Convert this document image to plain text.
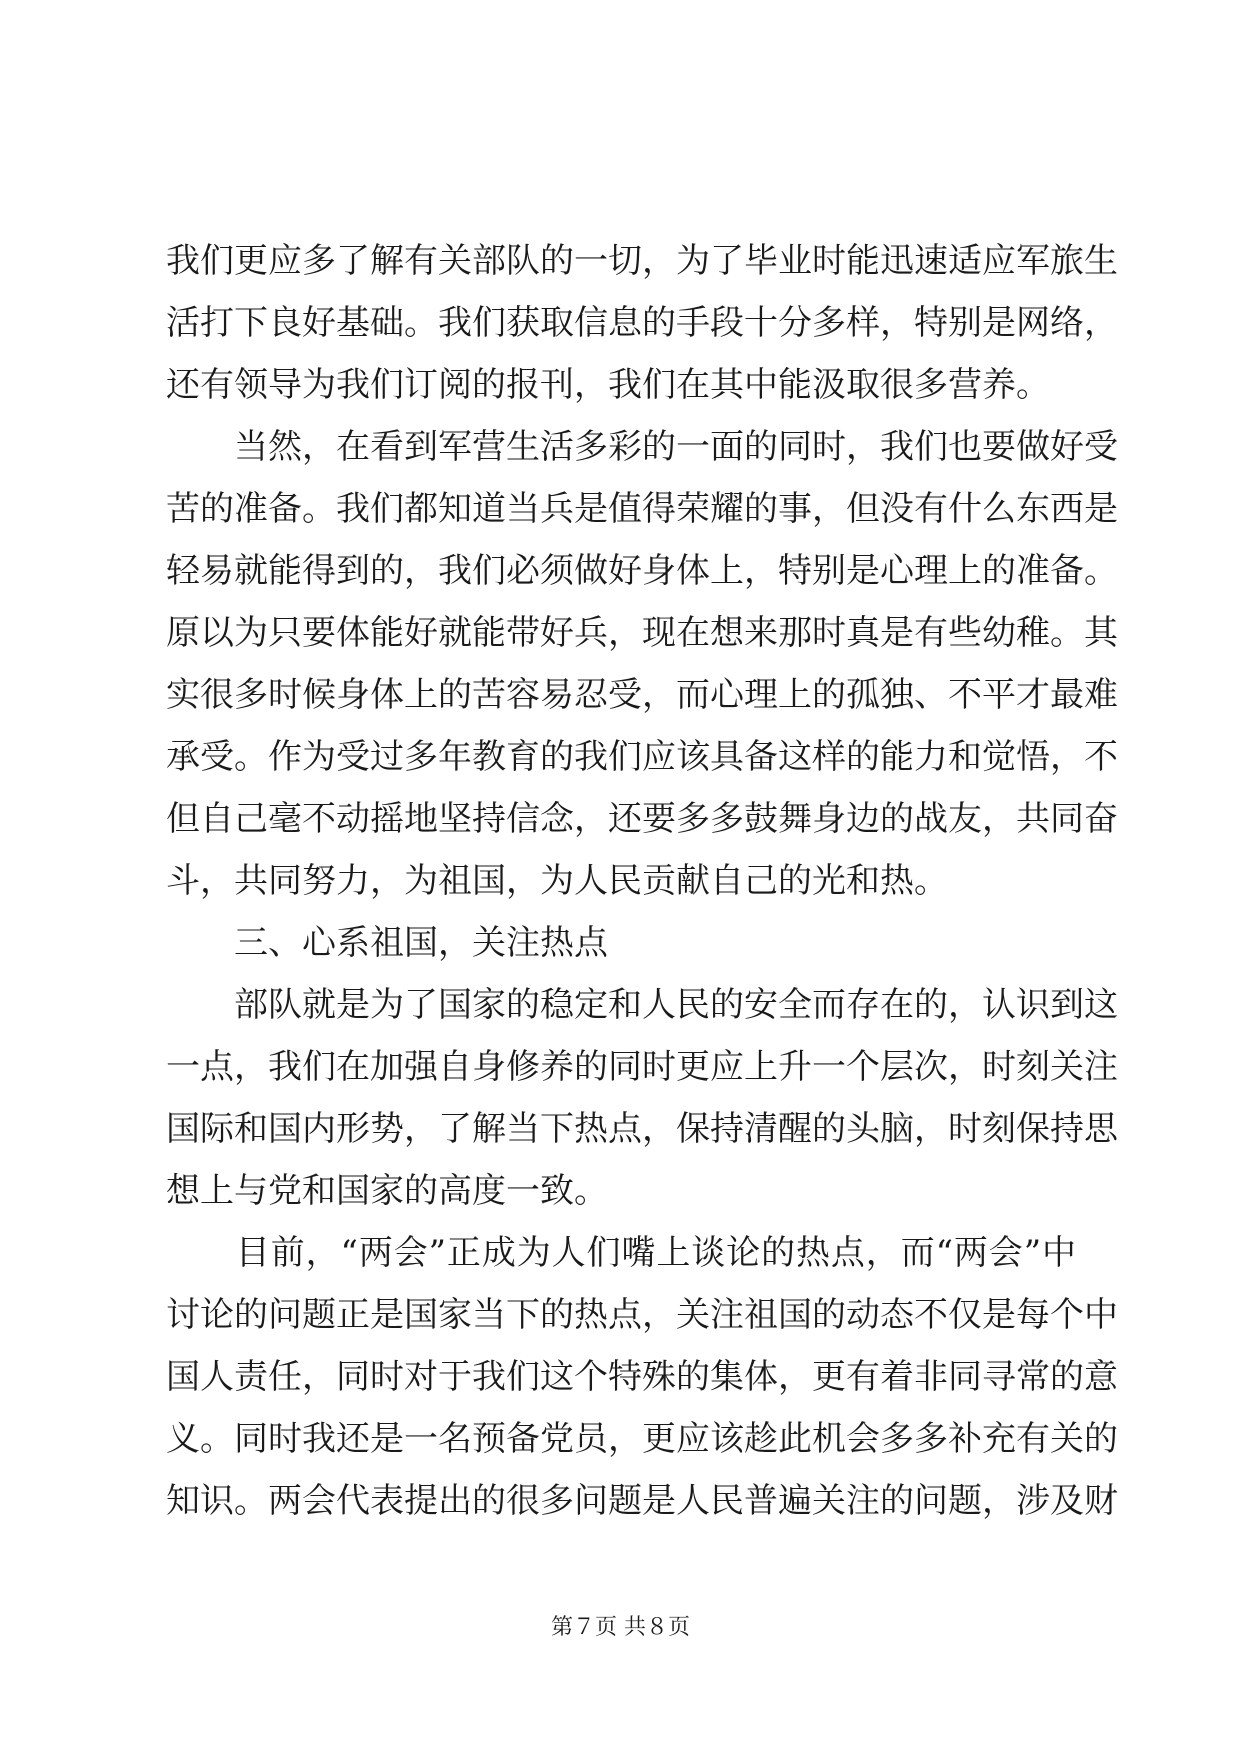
我们更应多了解有关部队的一切，为了毕业时能迅速适应军旅生
活打下良好基础。我们获取信息的手段十分多样，特别是网络，
还有领导为我们订阅的报刊，我们在其中能汲取很多营养。
　　当然，在看到军营生活多彩的一面的同时，我们也要做好受
苦的准备。我们都知道当兵是值得荣耀的事，但没有什么东西是
轻易就能得到的，我们必须做好身体上，特别是心理上的准备。
原以为只要体能好就能带好兵，现在想来那时真是有些幼稚。其
实很多时候身体上的苦容易忍受，而心理上的孤独、不平才最难
承受。作为受过多年教育的我们应该具备这样的能力和觉悟，不
但自己毫不动摇地坚持信念，还要多多鼓舞身边的战友，共同奋
斗，共同努力，为祖国，为人民贡献自己的光和热。
　　三、心系祖国，关注热点
　　部队就是为了国家的稳定和人民的安全而存在的，认识到这
一点，我们在加强自身修养的同时更应上升一个层次，时刻关注
国际和国内形势，了解当下热点，保持清醒的头脑，时刻保持思
想上与党和国家的高度一致。
　　目前，“两会”正成为人们嘴上谈论的热点，而“两会”中
讨论的问题正是国家当下的热点，关注祖国的动态不仅是每个中
国人责任，同时对于我们这个特殊的集体，更有着非同寻常的意
义。同时我还是一名预备党员，更应该趁此机会多多补充有关的
知识。两会代表提出的很多问题是人民普遍关注的问题，涉及财
第７页 共８页
